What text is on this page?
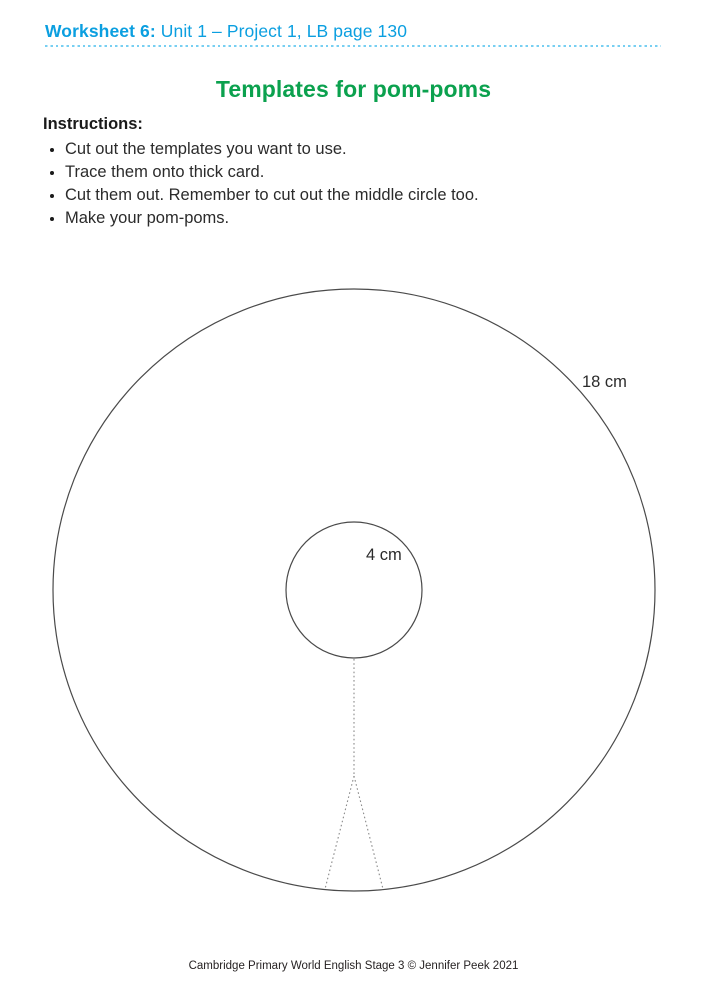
Worksheet 6: Unit 1 – Project 1, LB page 130
Templates for pom-poms
Instructions:
• Cut out the templates you want to use.
• Trace them onto thick card.
• Cut them out. Remember to cut out the middle circle too.
• Make your pom-poms.
18 cm
4 cm
Cambridge Primary World English Stage 3 © Jennifer Peek 2021
